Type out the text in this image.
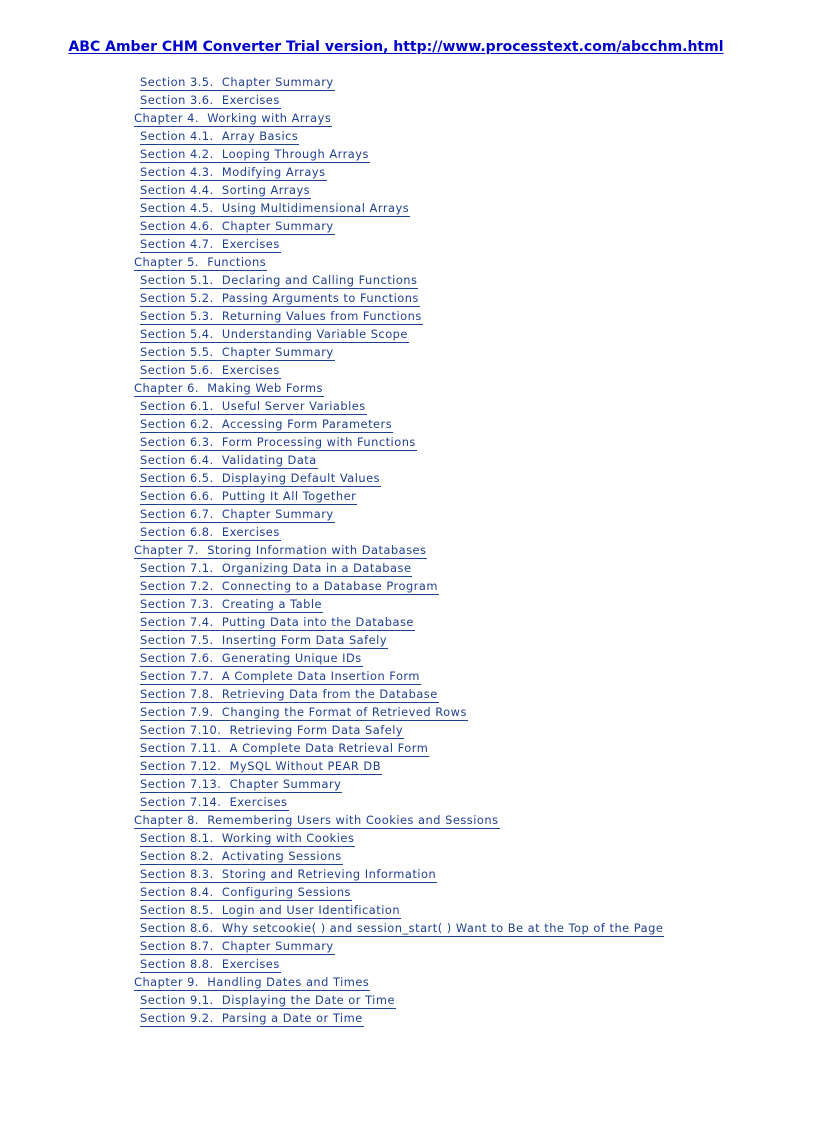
ABC Amber CHM Converter Trial version, http://www.processtext.com/abcchm.html
Section 3.5.  Chapter Summary
Section 3.6.  Exercises
Chapter 4.  Working with Arrays
Section 4.1.  Array Basics
Section 4.2.  Looping Through Arrays
Section 4.3.  Modifying Arrays
Section 4.4.  Sorting Arrays
Section 4.5.  Using Multidimensional Arrays
Section 4.6.  Chapter Summary
Section 4.7.  Exercises
Chapter 5.  Functions
Section 5.1.  Declaring and Calling Functions
Section 5.2.  Passing Arguments to Functions
Section 5.3.  Returning Values from Functions
Section 5.4.  Understanding Variable Scope
Section 5.5.  Chapter Summary
Section 5.6.  Exercises
Chapter 6.  Making Web Forms
Section 6.1.  Useful Server Variables
Section 6.2.  Accessing Form Parameters
Section 6.3.  Form Processing with Functions
Section 6.4.  Validating Data
Section 6.5.  Displaying Default Values
Section 6.6.  Putting It All Together
Section 6.7.  Chapter Summary
Section 6.8.  Exercises
Chapter 7.  Storing Information with Databases
Section 7.1.  Organizing Data in a Database
Section 7.2.  Connecting to a Database Program
Section 7.3.  Creating a Table
Section 7.4.  Putting Data into the Database
Section 7.5.  Inserting Form Data Safely
Section 7.6.  Generating Unique IDs
Section 7.7.  A Complete Data Insertion Form
Section 7.8.  Retrieving Data from the Database
Section 7.9.  Changing the Format of Retrieved Rows
Section 7.10.  Retrieving Form Data Safely
Section 7.11.  A Complete Data Retrieval Form
Section 7.12.  MySQL Without PEAR DB
Section 7.13.  Chapter Summary
Section 7.14.  Exercises
Chapter 8.  Remembering Users with Cookies and Sessions
Section 8.1.  Working with Cookies
Section 8.2.  Activating Sessions
Section 8.3.  Storing and Retrieving Information
Section 8.4.  Configuring Sessions
Section 8.5.  Login and User Identification
Section 8.6.  Why setcookie( ) and session_start( ) Want to Be at the Top of the Page
Section 8.7.  Chapter Summary
Section 8.8.  Exercises
Chapter 9.  Handling Dates and Times
Section 9.1.  Displaying the Date or Time
Section 9.2.  Parsing a Date or Time
